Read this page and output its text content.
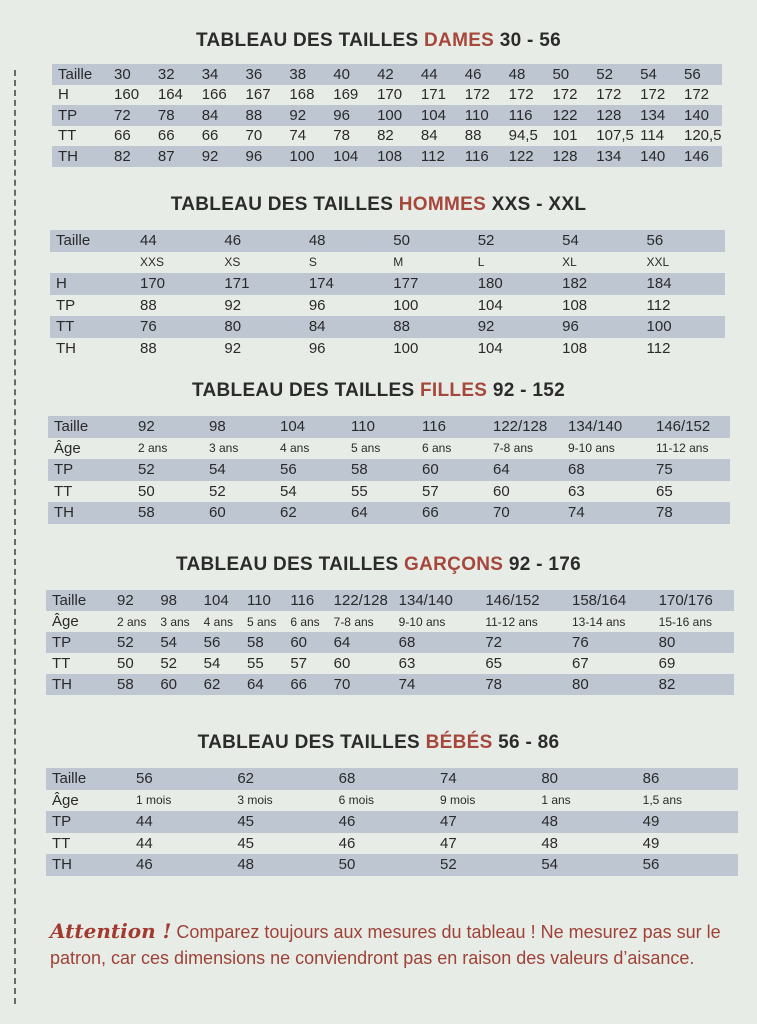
TABLEAU DES TAILLES DAMES 30 - 56
Taille	30	32	34	36	38	40	42	44	46	48	50	52	54	56
H	160	164	166	167	168	169	170	171	172	172	172	172	172	172
TP	72	78	84	88	92	96	100	104	110	116	122	128	134	140
TT	66	66	66	70	74	78	82	84	88	94,5	101	107,5	114	120,5
TH	82	87	92	96	100	104	108	112	116	122	128	134	140	146
TABLEAU DES TAILLES HOMMES XXS - XXL
Taille	44	46	48	50	52	54	56
	XXS	XS	S	M	L	XL	XXL
H	170	171	174	177	180	182	184
TP	88	92	96	100	104	108	112
TT	76	80	84	88	92	96	100
TH	88	92	96	100	104	108	112
TABLEAU DES TAILLES FILLES 92 - 152
Taille	92	98	104	110	116	122/128	134/140	146/152
Âge	2 ans	3 ans	4 ans	5 ans	6 ans	7-8 ans	9-10 ans	11-12 ans
TP	52	54	56	58	60	64	68	75
TT	50	52	54	55	57	60	63	65
TH	58	60	62	64	66	70	74	78
TABLEAU DES TAILLES GARÇONS 92 - 176
Taille	92	98	104	110	116	122/128	134/140	146/152	158/164	170/176
Âge	2 ans	3 ans	4 ans	5 ans	6 ans	7-8 ans	9-10 ans	11-12 ans	13-14 ans	15-16 ans
TP	52	54	56	58	60	64	68	72	76	80
TT	50	52	54	55	57	60	63	65	67	69
TH	58	60	62	64	66	70	74	78	80	82
TABLEAU DES TAILLES BÉBÉS 56 - 86
Taille	56	62	68	74	80	86
Âge	1 mois	3 mois	6 mois	9 mois	1 ans	1,5 ans
TP	44	45	46	47	48	49
TT	44	45	46	47	48	49
TH	46	48	50	52	54	56
Attention ! Comparez toujours aux mesures du tableau ! Ne mesurez pas sur le patron, car ces dimensions ne conviendront pas en raison des valeurs d’aisance.
